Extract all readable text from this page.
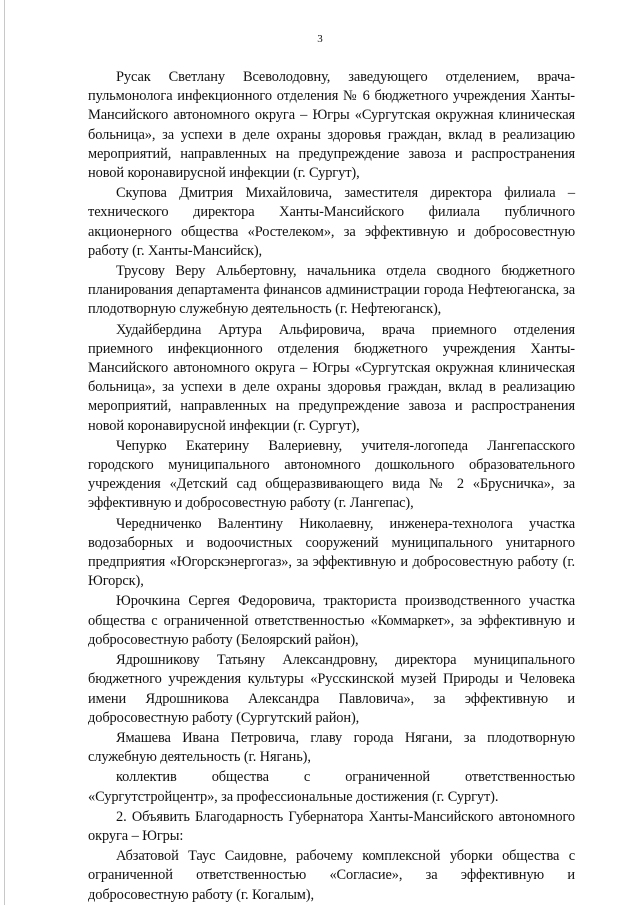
3

Русак Светлану Всеволодовну, заведующего отделением, врача-пульмонолога инфекционного отделения № 6 бюджетного учреждения Ханты-Мансийского автономного округа – Югры «Сургутская окружная клиническая больница», за успехи в деле охраны здоровья граждан, вклад в реализацию мероприятий, направленных на предупреждение завоза и распространения новой коронавирусной инфекции (г. Сургут),

Скупова Дмитрия Михайловича, заместителя директора филиала – технического директора Ханты-Мансийского филиала публичного акционерного общества «Ростелеком», за эффективную и добросовестную работу (г. Ханты-Мансийск),

Трусову Веру Альбертовну, начальника отдела сводного бюджетного планирования департамента финансов администрации города Нефтеюганска, за плодотворную служебную деятельность (г. Нефтеюганск),

Худайбердина Артура Альфировича, врача приемного отделения приемного инфекционного отделения бюджетного учреждения Ханты-Мансийского автономного округа – Югры «Сургутская окружная клиническая больница», за успехи в деле охраны здоровья граждан, вклад в реализацию мероприятий, направленных на предупреждение завоза и распространения новой коронавирусной инфекции (г. Сургут),

Чепурко Екатерину Валериевну, учителя-логопеда Лангепасского городского муниципального автономного дошкольного образовательного учреждения «Детский сад общеразвивающего вида № 2 «Брусничка», за эффективную и добросовестную работу (г. Лангепас),

Чередниченко Валентину Николаевну, инженера-технолога участка водозаборных и водоочистных сооружений муниципального унитарного предприятия «Югорскэнергогаз», за эффективную и добросовестную работу (г. Югорск),

Юрочкина Сергея Федоровича, тракториста производственного участка общества с ограниченной ответственностью «Коммаркет», за эффективную и добросовестную работу (Белоярский район),

Ядрошникову Татьяну Александровну, директора муниципального бюджетного учреждения культуры «Русскинской музей Природы и Человека имени Ядрошникова Александра Павловича», за эффективную и добросовестную работу (Сургутский район),

Ямашева Ивана Петровича, главу города Нягани, за плодотворную служебную деятельность (г. Нягань),

коллектив общества с ограниченной ответственностью «Сургутстройцентр», за профессиональные достижения (г. Сургут).

2. Объявить Благодарность Губернатора Ханты-Мансийского автономного округа – Югры:

Абзатовой Таус Саидовне, рабочему комплексной уборки общества с ограниченной ответственностью «Согласие», за эффективную и добросовестную работу (г. Когалым),
